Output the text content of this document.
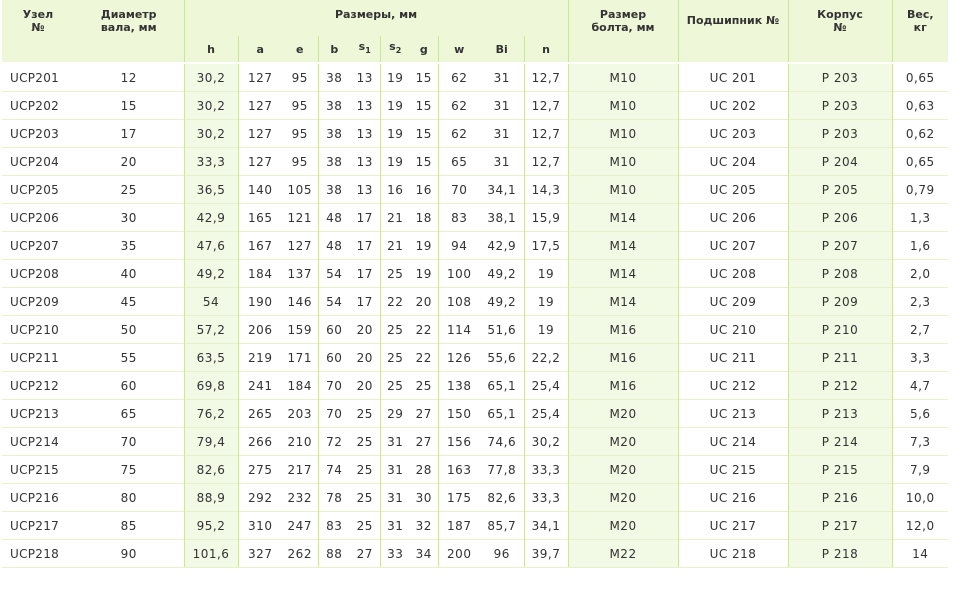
Узел №	Диаметр вала, мм	Размеры, мм										Размер болта, мм	Подшипник №	Корпус №	Вес, кг
		h	a	e	b	$s_1$	$s_2$	g	w	Bi	n				
UCP201	12	30,2	127	95	38	13	19	15	62	31	12,7	M10	UC 201	P 203	0,65
UCP202	15	30,2	127	95	38	13	19	15	62	31	12,7	M10	UC 202	P 203	0,63
UCP203	17	30,2	127	95	38	13	19	15	62	31	12,7	M10	UC 203	P 203	0,62
UCP204	20	33,3	127	95	38	13	19	15	65	31	12,7	M10	UC 204	P 204	0,65
UCP205	25	36,5	140	105	38	13	16	16	70	34,1	14,3	M10	UC 205	P 205	0,79
UCP206	30	42,9	165	121	48	17	21	18	83	38,1	15,9	M14	UC 206	P 206	1,3
UCP207	35	47,6	167	127	48	17	21	19	94	42,9	17,5	M14	UC 207	P 207	1,6
UCP208	40	49,2	184	137	54	17	25	19	100	49,2	19	M14	UC 208	P 208	2,0
UCP209	45	54	190	146	54	17	22	20	108	49,2	19	M14	UC 209	P 209	2,3
UCP210	50	57,2	206	159	60	20	25	22	114	51,6	19	M16	UC 210	P 210	2,7
UCP211	55	63,5	219	171	60	20	25	22	126	55,6	22,2	M16	UC 211	P 211	3,3
UCP212	60	69,8	241	184	70	20	25	25	138	65,1	25,4	M16	UC 212	P 212	4,7
UCP213	65	76,2	265	203	70	25	29	27	150	65,1	25,4	M20	UC 213	P 213	5,6
UCP214	70	79,4	266	210	72	25	31	27	156	74,6	30,2	M20	UC 214	P 214	7,3
UCP215	75	82,6	275	217	74	25	31	28	163	77,8	33,3	M20	UC 215	P 215	7,9
UCP216	80	88,9	292	232	78	25	31	30	175	82,6	33,3	M20	UC 216	P 216	10,0
UCP217	85	95,2	310	247	83	25	31	32	187	85,7	34,1	M20	UC 217	P 217	12,0
UCP218	90	101,6	327	262	88	27	33	34	200	96	39,7	M22	UC 218	P 218	14
